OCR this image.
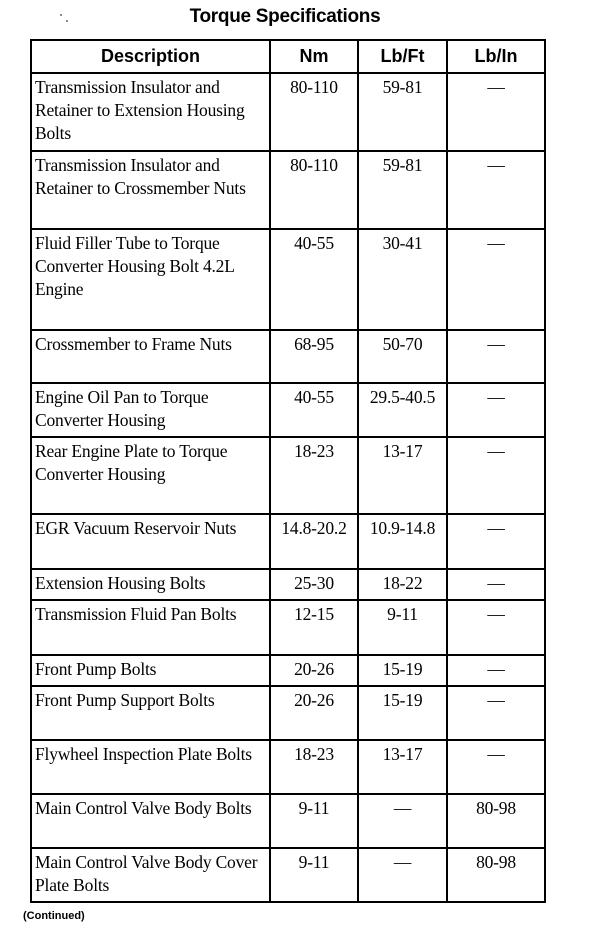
Torque Specifications
Description	Nm	Lb/Ft	Lb/In
Transmission Insulator and Retainer to Extension Housing Bolts	80-110	59-81	—
Transmission Insulator and Retainer to Crossmember Nuts	80-110	59-81	—
Fluid Filler Tube to Torque Converter Housing Bolt 4.2L Engine	40-55	30-41	—
Crossmember to Frame Nuts	68-95	50-70	—
Engine Oil Pan to Torque Converter Housing	40-55	29.5-40.5	—
Rear Engine Plate to Torque Converter Housing	18-23	13-17	—
EGR Vacuum Reservoir Nuts	14.8-20.2	10.9-14.8	—
Extension Housing Bolts	25-30	18-22	—
Transmission Fluid Pan Bolts	12-15	9-11	—
Front Pump Bolts	20-26	15-19	—
Front Pump Support Bolts	20-26	15-19	—
Flywheel Inspection Plate Bolts	18-23	13-17	—
Main Control Valve Body Bolts	9-11	—	80-98
Main Control Valve Body Cover Plate Bolts	9-11	—	80-98
(Continued)
